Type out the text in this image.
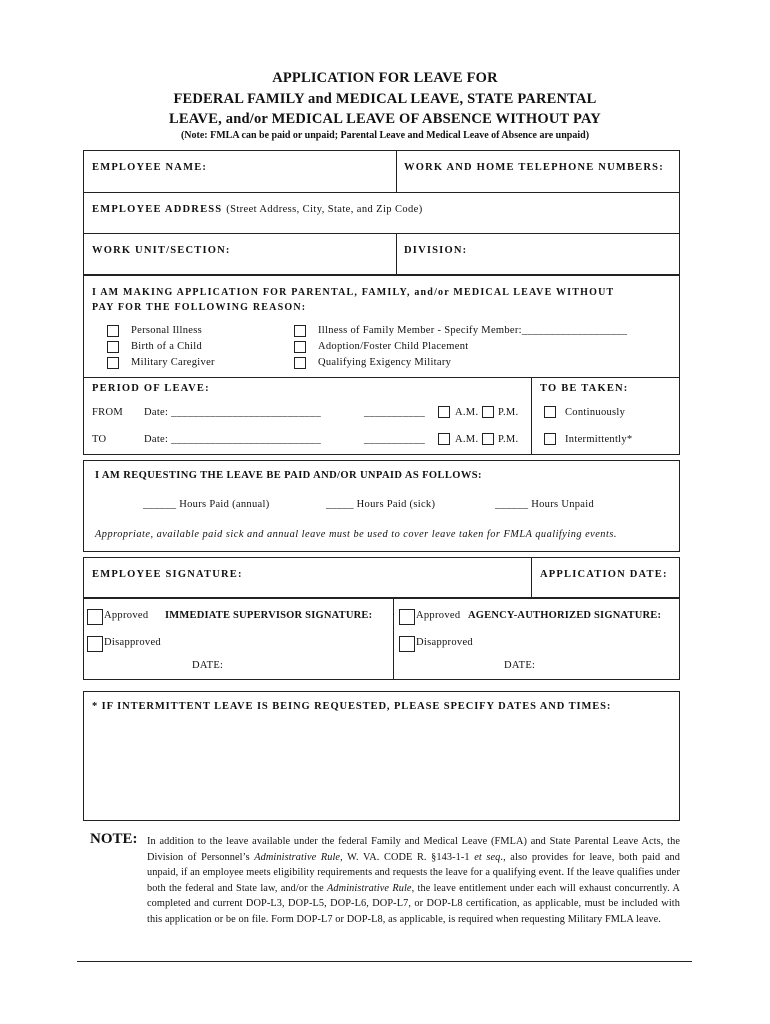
APPLICATION FOR LEAVE FOR
FEDERAL FAMILY and MEDICAL LEAVE, STATE PARENTAL
LEAVE, and/or MEDICAL LEAVE OF ABSENCE WITHOUT PAY
(Note: FMLA can be paid or unpaid; Parental Leave and Medical Leave of Absence are unpaid)
EMPLOYEE NAME:	WORK AND HOME TELEPHONE NUMBERS:
EMPLOYEE ADDRESS (Street Address, City, State, and Zip Code)
WORK UNIT/SECTION:	DIVISION:
I AM MAKING APPLICATION FOR PARENTAL, FAMILY, and/or MEDICAL LEAVE WITHOUT
PAY FOR THE FOLLOWING REASON:
Personal Illness
Birth of a Child
Military Caregiver
Illness of Family Member - Specify Member:___________________
Adoption/Foster Child Placement
Qualifying Exigency Military
PERIOD OF LEAVE:	TO BE TAKEN:
FROM Date: ___________________________	___________	A.M. P.M.	Continuously
TO	Date: ___________________________	___________	A.M. P.M.	Intermittently*
I AM REQUESTING THE LEAVE BE PAID AND/OR UNPAID AS FOLLOWS:
______ Hours Paid (annual)	_____ Hours Paid (sick)	______ Hours Unpaid
Appropriate, available paid sick and annual leave must be used to cover leave taken for FMLA qualifying events.
EMPLOYEE SIGNATURE:	APPLICATION DATE:
Approved IMMEDIATE SUPERVISOR SIGNATURE:
Disapproved
DATE:
Approved AGENCY-AUTHORIZED SIGNATURE:
Disapproved
DATE:
* IF INTERMITTENT LEAVE IS BEING REQUESTED, PLEASE SPECIFY DATES AND TIMES:
NOTE: In addition to the leave available under the federal Family and Medical Leave (FMLA) and State Parental Leave Acts, the Division of Personnel’s Administrative Rule, W. VA. CODE R. §143-1-1 et seq., also provides for leave, both paid and unpaid, if an employee meets eligibility requirements and requests the leave for a qualifying event. If the leave qualifies under both the federal and State law, and/or the Administrative Rule, the leave entitlement under each will exhaust concurrently. A completed and current DOP-L3, DOP-L5, DOP-L6, DOP-L7, or DOP-L8 certification, as applicable, must be included with this application or be on file. Form DOP-L7 or DOP-L8, as applicable, is required when requesting Military FMLA leave.
